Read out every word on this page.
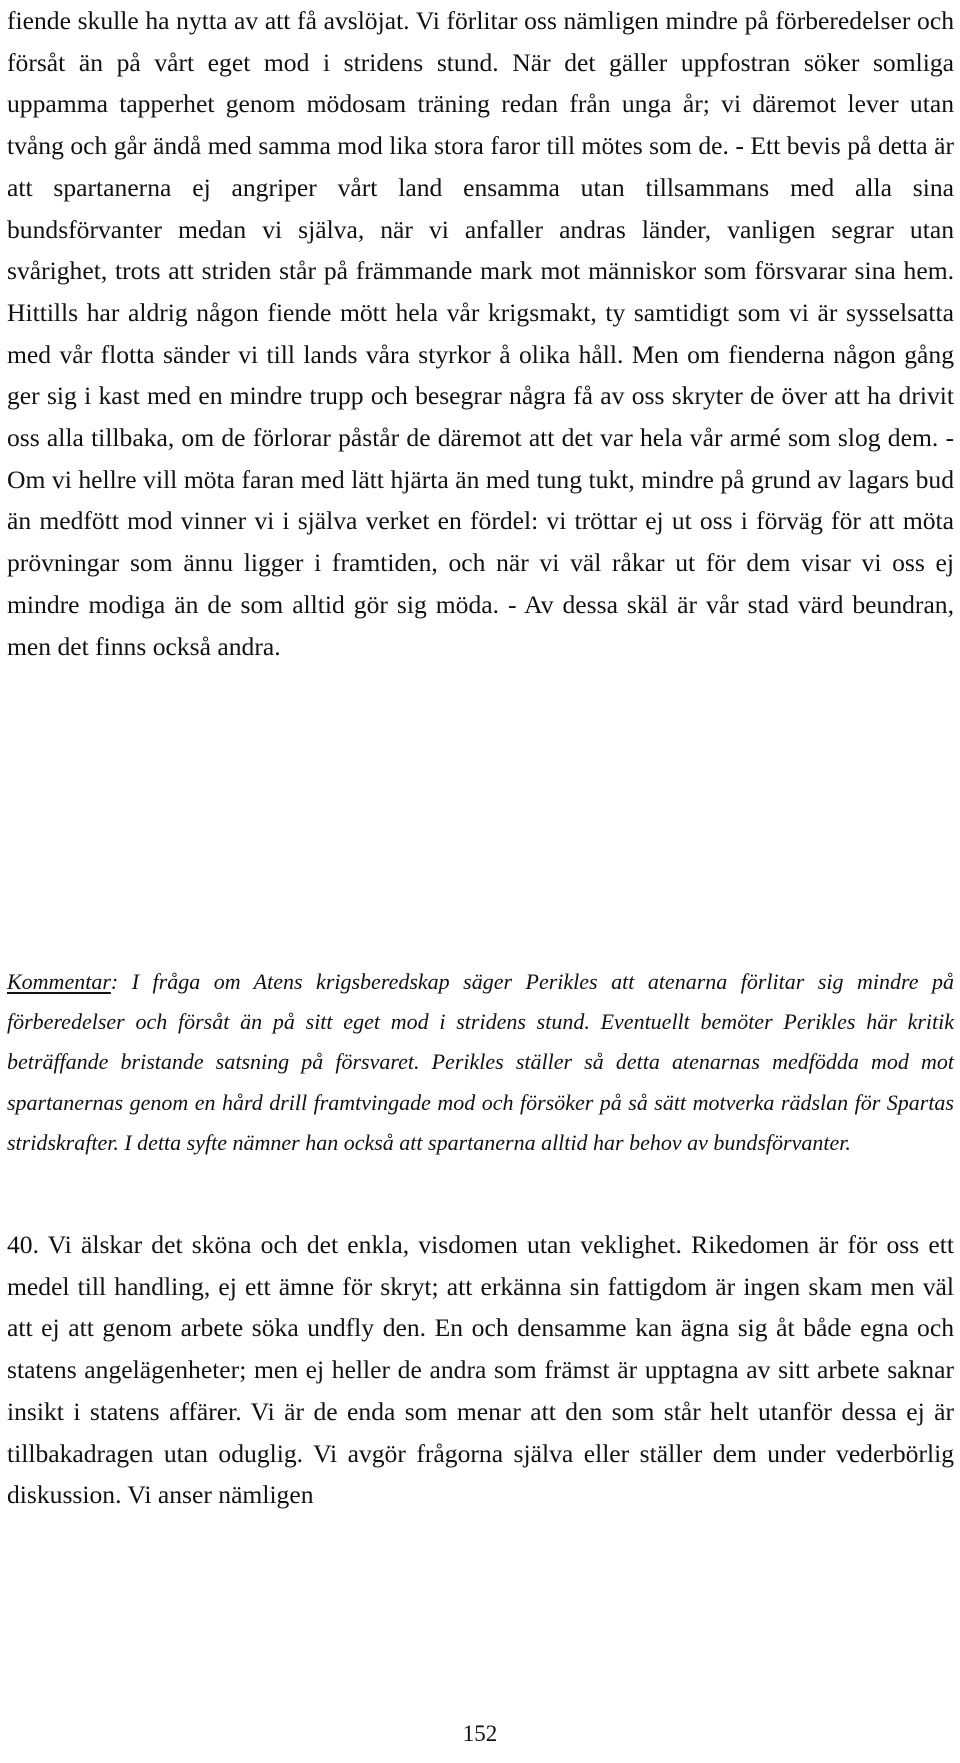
fiende skulle ha nytta av att få avslöjat. Vi förlitar oss nämligen mindre på förberedelser och försåt än på vårt eget mod i stridens stund. När det gäller uppfostran söker somliga uppamma tapperhet genom mödosam träning redan från unga år; vi däremot lever utan tvång och går ändå med samma mod lika stora faror till mötes som de. - Ett bevis på detta är att spartanerna ej angriper vårt land ensamma utan tillsammans med alla sina bundsförvanter medan vi själva, när vi anfaller andras länder, vanligen segrar utan svårighet, trots att striden står på främmande mark mot människor som försvarar sina hem. Hittills har aldrig någon fiende mött hela vår krigsmakt, ty samtidigt som vi är sysselsatta med vår flotta sänder vi till lands våra styrkor å olika håll. Men om fienderna någon gång ger sig i kast med en mindre trupp och besegrar några få av oss skryter de över att ha drivit oss alla tillbaka, om de förlorar påstår de däremot att det var hela vår armé som slog dem. - Om vi hellre vill möta faran med lätt hjärta än med tung tukt, mindre på grund av lagars bud än medfött mod vinner vi i själva verket en fördel: vi tröttar ej ut oss i förväg för att möta prövningar som ännu ligger i framtiden, och när vi väl råkar ut för dem visar vi oss ej mindre modiga än de som alltid gör sig möda. - Av dessa skäl är vår stad värd beundran, men det finns också andra.

Kommentar: I fråga om Atens krigsberedskap säger Perikles att atenarna förlitar sig mindre på förberedelser och försåt än på sitt eget mod i stridens stund. Eventuellt bemöter Perikles här kritik beträffande bristande satsning på försvaret. Perikles ställer så detta atenarnas medfödda mod mot spartanernas genom en hård drill framtvingade mod och försöker på så sätt motverka rädslan för Spartas stridskrafter. I detta syfte nämner han också att spartanerna alltid har behov av bundsförvanter.

40. Vi älskar det sköna och det enkla, visdomen utan veklighet. Rikedomen är för oss ett medel till handling, ej ett ämne för skryt; att erkänna sin fattigdom är ingen skam men väl att ej att genom arbete söka undfly den. En och densamme kan ägna sig åt både egna och statens angelägenheter; men ej heller de andra som främst är upptagna av sitt arbete saknar insikt i statens affärer. Vi är de enda som menar att den som står helt utanför dessa ej är tillbakadragen utan oduglig. Vi avgör frågorna själva eller ställer dem under vederbörlig diskussion. Vi anser nämligen

152
